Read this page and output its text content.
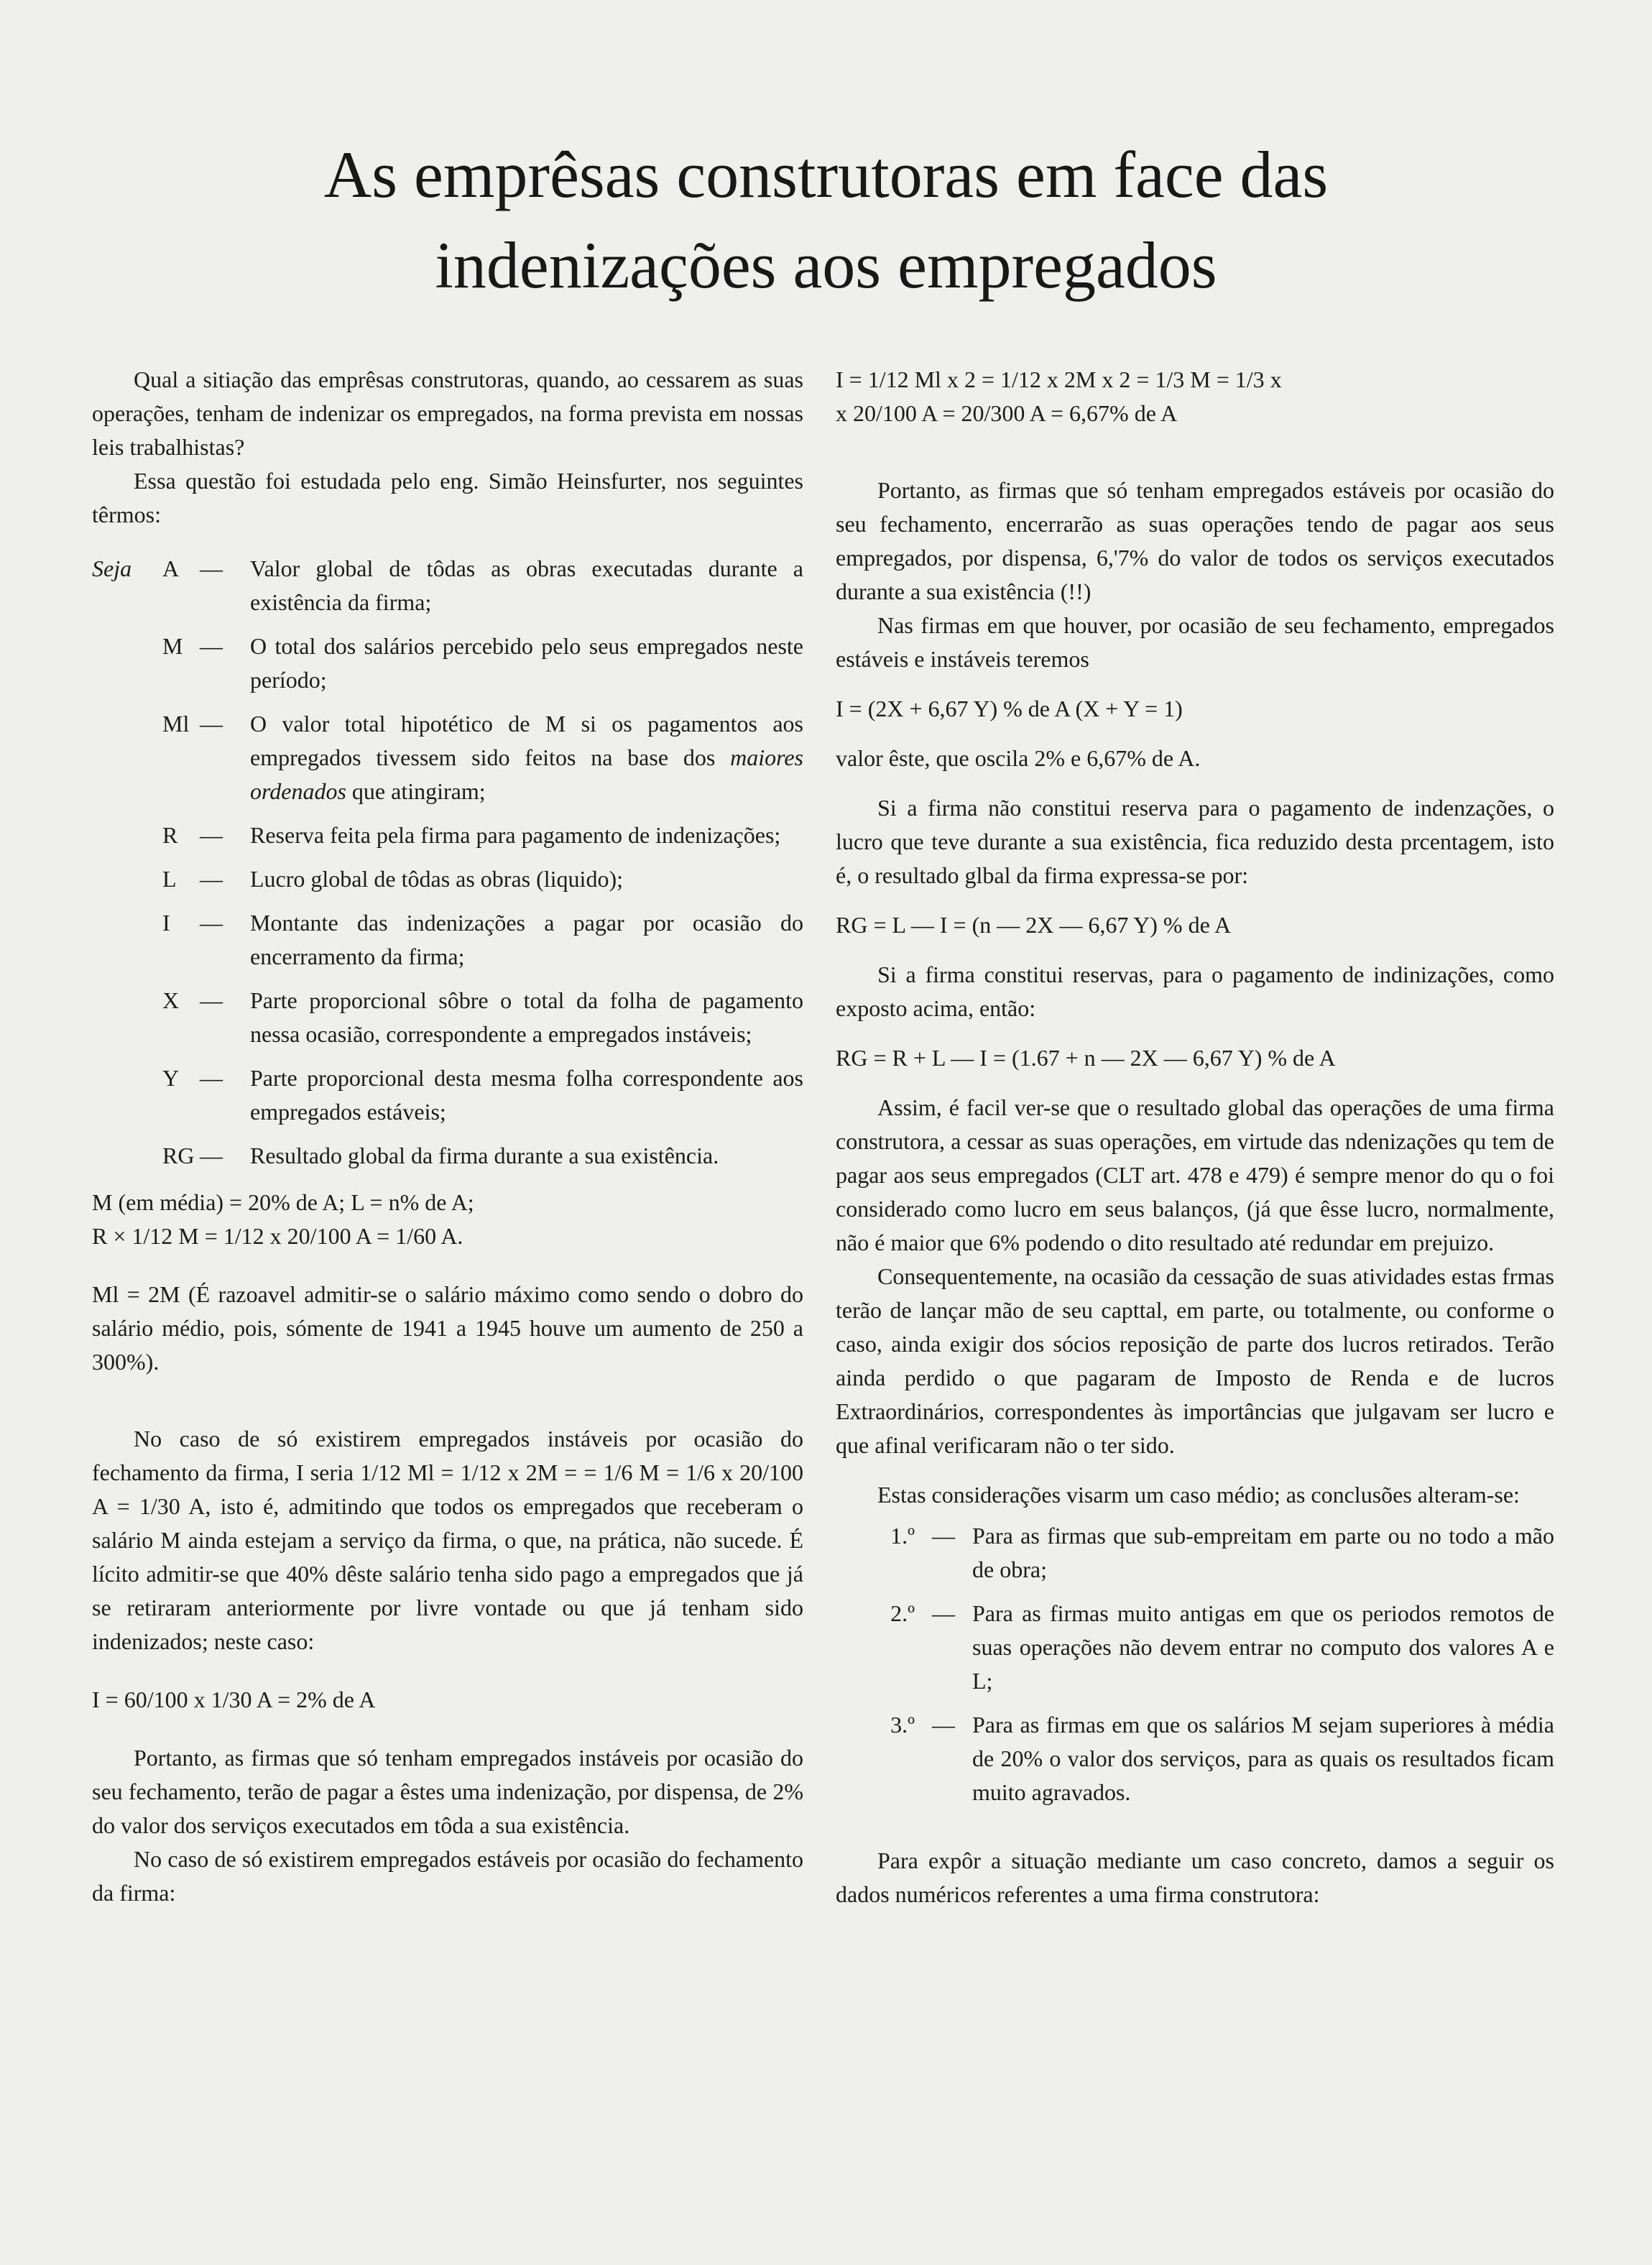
As emprêsas construtoras em face das
indenizações aos empregados

Qual a sitiação das emprêsas construtoras, quando, ao cessarem as suas operações, tenham de indenizar os empregados, na forma prevista em nossas leis trabalhistas?

Essa questão foi estudada pelo eng. Simão Heinsfurter, nos seguintes têrmos:

Seja	A —	Valor global de tôdas as obras executadas durante a existência da firma;
M —	O total dos salários percebido pelo seus empregados neste período;
Ml —	O valor total hipotético de M si os pagamentos aos empregados tivessem sido feitos na base dos maiores ordenados que atingiram;
R —	Reserva feita pela firma para pagamento de indenizações;
L	—	Lucro global de tôdas as obras (liquido);
I	—	Montante das indenizações a pagar por ocasião do encerramento da firma;
X —	Parte proporcional sôbre o total da folha de pagamento nessa ocasião, correspondente a empregados instáveis;
Y —	Parte proporcional desta mesma folha correspondente aos empregados estáveis;
RG —	Resultado global da firma durante a sua existência.

M (em média) = 20% de A; L = n% de A;

R × 1/12 M = 1/12 x 20/100 A = 1/60 A.

Ml = 2M (É razoavel admitir-se o salário máximo como sendo o dobro do salário médio, pois, sómente de 1941 a 1945 houve um aumento de 250 a 300%).

No caso de só existirem empregados instáveis por ocasião do fechamento da firma, I seria 1/12 Ml = 1/12 x 2M = = 1/6 M = 1/6 x 20/100 A = 1/30 A, isto é, admitindo que todos os empregados que receberam o salário M ainda estejam a serviço da firma, o que, na prática, não sucede. É lícito admitir-se que 40% dêste salário tenha sido pago a empregados que já se retiraram anteriormente por livre vontade ou que já tenham sido indenizados; neste caso:

I = 60/100 x 1/30 A = 2% de A

Portanto, as firmas que só tenham empregados instáveis por ocasião do seu fechamento, terão de pagar a êstes uma indenização, por dispensa, de 2% do valor dos serviços executados em tôda a sua existência.

No caso de só existirem empregados estáveis por ocasião do fechamento da firma:

I = 1/12 Ml x 2 = 1/12 x 2M x 2 = 1/3 M = 1/3 x

x 20/100 A = 20/300 A = 6,67% de A

Portanto, as firmas que só tenham empregados estáveis por ocasião do seu fechamento, encerrarão as suas operações tendo de pagar aos seus empregados, por dispensa, 6,'7% do valor de todos os serviços executados durante a sua existência (!!)

Nas firmas em que houver, por ocasião de seu fechamento, empregados estáveis e instáveis teremos

I = (2X + 6,67 Y) % de A (X + Y = 1)

valor êste, que oscila 2% e 6,67% de A.

Si a firma não constitui reserva para o pagamento de indenzações, o lucro que teve durante a sua existência, fica reduzido desta prcentagem, isto é, o resultado glbal da firma expressa-se por:

RG = L — I = (n — 2X — 6,67 Y) % de A

Si a firma constitui reservas, para o pagamento de indinizações, como exposto acima, então:

RG = R + L — I = (1.67 + n — 2X — 6,67 Y) % de A

Assim, é facil ver-se que o resultado global das operações de uma firma construtora, a cessar as suas operações, em virtude das ndenizações qu tem de pagar aos seus empregados (CLT art. 478 e 479) é sempre menor do qu o foi considerado como lucro em seus balanços, (já que êsse lucro, normalmente, não é maior que 6% podendo o dito resultado até redundar em prejuizo.

Consequentemente, na ocasião da cessação de suas atividades estas frmas terão de lançar mão de seu capttal, em parte, ou totalmente, ou conforme o caso, ainda exigir dos sócios reposição de parte dos lucros retirados. Terão ainda perdido o que pagaram de Imposto de Renda e de lucros Extraordinários, correspondentes às importâncias que julgavam ser lucro e que afinal verificaram não o ter sido.

Estas considerações visarm um caso médio; as conclusões alteram-se:

1.º — Para as firmas que sub-empreitam em parte ou no todo a mão de obra;
2.º — Para as firmas muito antigas em que os periodos remotos de suas operações não devem entrar no computo dos valores A e L;
3.º — Para as firmas em que os salários M sejam superiores à média de 20% o valor dos serviços, para as quais os resultados ficam muito agravados.

Para expôr a situação mediante um caso concreto, damos a seguir os dados numéricos referentes a uma firma construtora:
